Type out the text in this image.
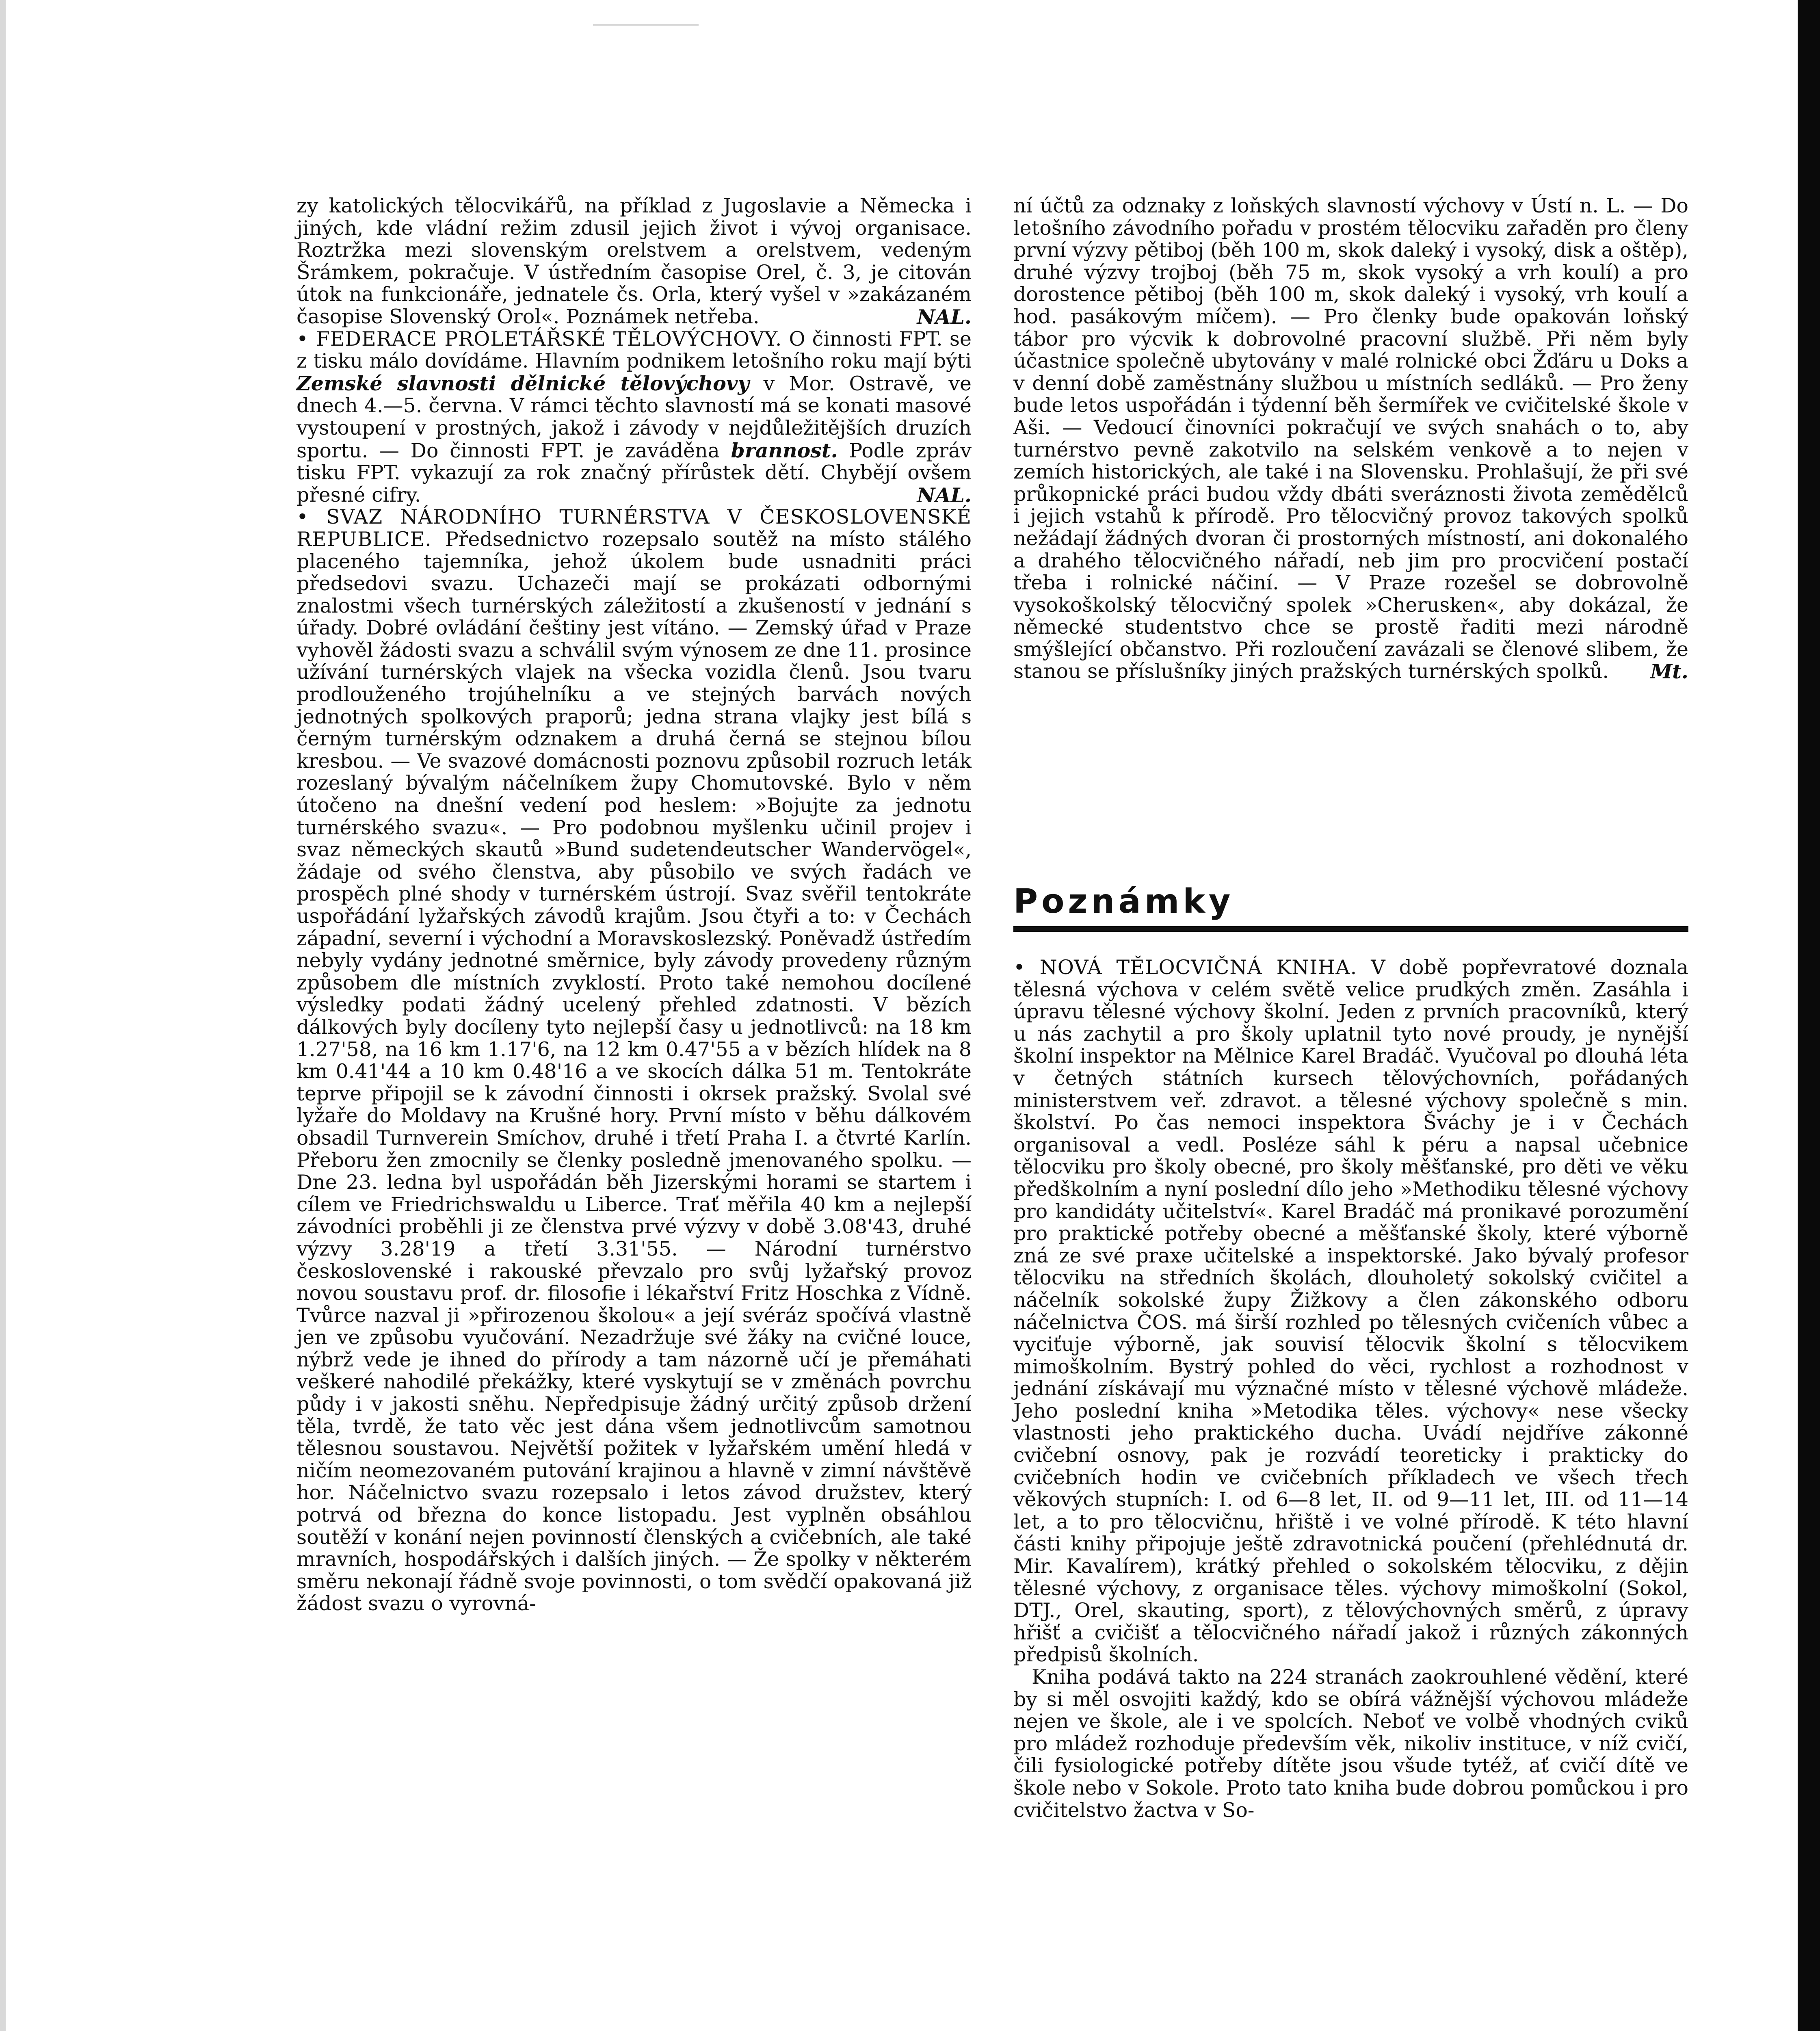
zy katolických tělocvikářů, na příklad z Jugoslavie a Německa i jiných, kde vládní režim zdusil jejich život i vývoj organisace. Roztržka mezi slovenským orelstvem a orelstvem, vedeným Šrámkem, pokračuje. V ústředním časopise Orel, č. 3, je citován útok na funkcionáře, jednatele čs. Orla, který vyšel v »zakázaném časopise Slovenský Orol«. Poznámek netřeba.	NAL.

• FEDERACE PROLETÁŘSKÉ TĚLOVÝCHOVY. O činnosti FPT. se z tisku málo dovídáme. Hlavním podnikem letošního roku mají býti Zemské slavnosti dělnické tělovýchovy v Mor. Ostravě, ve dnech 4.—5. června. V rámci těchto slavností má se konati masové vystoupení v prostných, jakož i závody v nejdůležitějších druzích sportu. — Do činnosti FPT. je zaváděna brannost. Podle zpráv tisku FPT. vykazují za rok značný přírůstek dětí. Chybějí ovšem přesné cifry.	NAL.

• SVAZ NÁRODNÍHO TURNÉRSTVA V ČESKOSLOVENSKÉ REPUBLICE. Předsednictvo rozepsalo soutěž na místo stálého placeného tajemníka, jehož úkolem bude usnadniti práci předsedovi svazu. Uchazeči mají se prokázati odbornými znalostmi všech turnérských záležitostí a zkušeností v jednání s úřady. Dobré ovládání češtiny jest vítáno. — Zemský úřad v Praze vyhověl žádosti svazu a schválil svým výnosem ze dne 11. prosince užívání turnérských vlajek na všecka vozidla členů. Jsou tvaru prodlouženého trojúhelníku a ve stejných barvách nových jednotných spolkových praporů; jedna strana vlajky jest bílá s černým turnérským odznakem a druhá černá se stejnou bílou kresbou. — Ve svazové domácnosti poznovu způsobil rozruch leták rozeslaný bývalým náčelníkem župy Chomutovské. Bylo v něm útočeno na dnešní vedení pod heslem: »Bojujte za jednotu turnérského svazu«. — Pro podobnou myšlenku učinil projev i svaz německých skautů »Bund sudetendeutscher Wandervögel«, žádaje od svého členstva, aby působilo ve svých řadách ve prospěch plné shody v turnérském ústrojí. Svaz svěřil tentokráte uspořádání lyžařských závodů krajům. Jsou čtyři a to: v Čechách západní, severní i východní a Moravskoslezský. Poněvadž ústředím nebyly vydány jednotné směrnice, byly závody provedeny různým způsobem dle místních zvyklostí. Proto také nemohou docílené výsledky podati žádný ucelený přehled zdatnosti. V bězích dálkových byly docíleny tyto nejlepší časy u jednotlivců: na 18 km 1.27'58, na 16 km 1.17'6, na 12 km 0.47'55 a v bězích hlídek na 8 km 0.41'44 a 10 km 0.48'16 a ve skocích dálka 51 m. Tentokráte teprve připojil se k závodní činnosti i okrsek pražský. Svolal své lyžaře do Moldavy na Krušné hory. První místo v běhu dálkovém obsadil Turnverein Smíchov, druhé i třetí Praha I. a čtvrté Karlín. Přeboru žen zmocnily se členky posledně jmenovaného spolku. — Dne 23. ledna byl uspořádán běh Jizerskými horami se startem i cílem ve Friedrichswaldu u Liberce. Trať měřila 40 km a nejlepší závodníci proběhli ji ze členstva prvé výzvy v době 3.08'43, druhé výzvy 3.28'19 a třetí 3.31'55. — Národní turnérstvo československé i rakouské převzalo pro svůj lyžařský provoz novou soustavu prof. dr. filosofie i lékařství Fritz Hoschka z Vídně. Tvůrce nazval ji »přirozenou školou« a její svéráz spočívá vlastně jen ve způsobu vyučování. Nezadržuje své žáky na cvičné louce, nýbrž vede je ihned do přírody a tam názorně učí je přemáhati veškeré nahodilé překážky, které vyskytují se v změnách povrchu půdy i v jakosti sněhu. Nepředpisuje žádný určitý způsob držení těla, tvrdě, že tato věc jest dána všem jednotlivcům samotnou tělesnou soustavou. Největší požitek v lyžařském umění hledá v ničím neomezovaném putování krajinou a hlavně v zimní návštěvě hor. Náčelnictvo svazu rozepsalo i letos závod družstev, který potrvá od března do konce listopadu. Jest vyplněn obsáhlou soutěží v konání nejen povinností členských a cvičebních, ale také mravních, hospodářských i dalších jiných. — Že spolky v některém směru nekonají řádně svoje povinnosti, o tom svědčí opakovaná již žádost svazu o vyrovná-

ní účtů za odznaky z loňských slavností výchovy v Ústí n. L. — Do letošního závodního pořadu v prostém tělocviku zařaděn pro členy první výzvy pětiboj (běh 100 m, skok daleký i vysoký, disk a oštěp), druhé výzvy trojboj (běh 75 m, skok vysoký a vrh koulí) a pro dorostence pětiboj (běh 100 m, skok daleký i vysoký, vrh koulí a hod. pasákovým míčem). — Pro členky bude opakován loňský tábor pro výcvik k dobrovolné pracovní službě. Při něm byly účastnice společně ubytovány v malé rolnické obci Žďáru u Doks a v denní době zaměstnány službou u místních sedláků. — Pro ženy bude letos uspořádán i týdenní běh šermířek ve cvičitelské škole v Aši. — Vedoucí činovníci pokračují ve svých snahách o to, aby turnérstvo pevně zakotvilo na selském venkově a to nejen v zemích historických, ale také i na Slovensku. Prohlašují, že při své průkopnické práci budou vždy dbáti sveráznosti života zemědělců i jejich vstahů k přírodě. Pro tělocvičný provoz takových spolků nežádají žádných dvoran či prostorných místností, ani dokonalého a drahého tělocvičného nářadí, neb jim pro procvičení postačí třeba i rolnické náčiní. — V Praze rozešel se dobrovolně vysokoškolský tělocvičný spolek »Cherusken«, aby dokázal, že německé studentstvo chce se prostě řaditi mezi národně smýšlející občanstvo. Při rozloučení zavázali se členové slibem, že stanou se příslušníky jiných pražských turnérských spolků.	Mt.

Poznámky

• NOVÁ TĚLOCVIČNÁ KNIHA. V době popřevratové doznala tělesná výchova v celém světě velice prudkých změn. Zasáhla i úpravu tělesné výchovy školní. Jeden z prvních pracovníků, který u nás zachytil a pro školy uplatnil tyto nové proudy, je nynější školní inspektor na Mělnice Karel Bradáč. Vyučoval po dlouhá léta v četných státních kursech tělovýchovních, pořádaných ministerstvem veř. zdravot. a tělesné výchovy společně s min. školství. Po čas nemoci inspektora Šváchy je i v Čechách organisoval a vedl. Posléze sáhl k péru a napsal učebnice tělocviku pro školy obecné, pro školy měšťanské, pro děti ve věku předškolním a nyní poslední dílo jeho »Methodiku tělesné výchovy pro kandidáty učitelství«. Karel Bradáč má pronikavé porozumění pro praktické potřeby obecné a měšťanské školy, které výborně zná ze své praxe učitelské a inspektorské. Jako bývalý profesor tělocviku na středních školách, dlouholetý sokolský cvičitel a náčelník sokolské župy Žižkovy a člen zákonského odboru náčelnictva ČOS. má širší rozhled po tělesných cvičeních vůbec a vyciťuje výborně, jak souvisí tělocvik školní s tělocvikem mimoškolním. Bystrý pohled do věci, rychlost a rozhodnost v jednání získávají mu význačné místo v tělesné výchově mládeže. Jeho poslední kniha »Metodika těles. výchovy« nese všecky vlastnosti jeho praktického ducha. Uvádí nejdříve zákonné cvičební osnovy, pak je rozvádí teoreticky i prakticky do cvičebních hodin ve cvičebních příkladech ve všech třech věkových stupních: I. od 6—8 let, II. od 9—11 let, III. od 11—14 let, a to pro tělocvičnu, hřiště i ve volné přírodě. K této hlavní části knihy připojuje ještě zdravotnická poučení (přehlédnutá dr. Mir. Kavalírem), krátký přehled o sokolském tělocviku, z dějin tělesné výchovy, z organisace těles. výchovy mimoškolní (Sokol, DTJ., Orel, skauting, sport), z tělovýchovných směrů, z úpravy hřišť a cvičišť a tělocvičného nářadí jakož i různých zákonných předpisů školních.

Kniha podává takto na 224 stranách zaokrouhlené vědění, které by si měl osvojiti každý, kdo se obírá vážnější výchovou mládeže nejen ve škole, ale i ve spolcích. Neboť ve volbě vhodných cviků pro mládež rozhoduje především věk, nikoliv instituce, v níž cvičí, čili fysiologické potřeby dítěte jsou všude tytéž, ať cvičí dítě ve škole nebo v Sokole. Proto tato kniha bude dobrou pomůckou i pro cvičitelstvo žactva v So-
